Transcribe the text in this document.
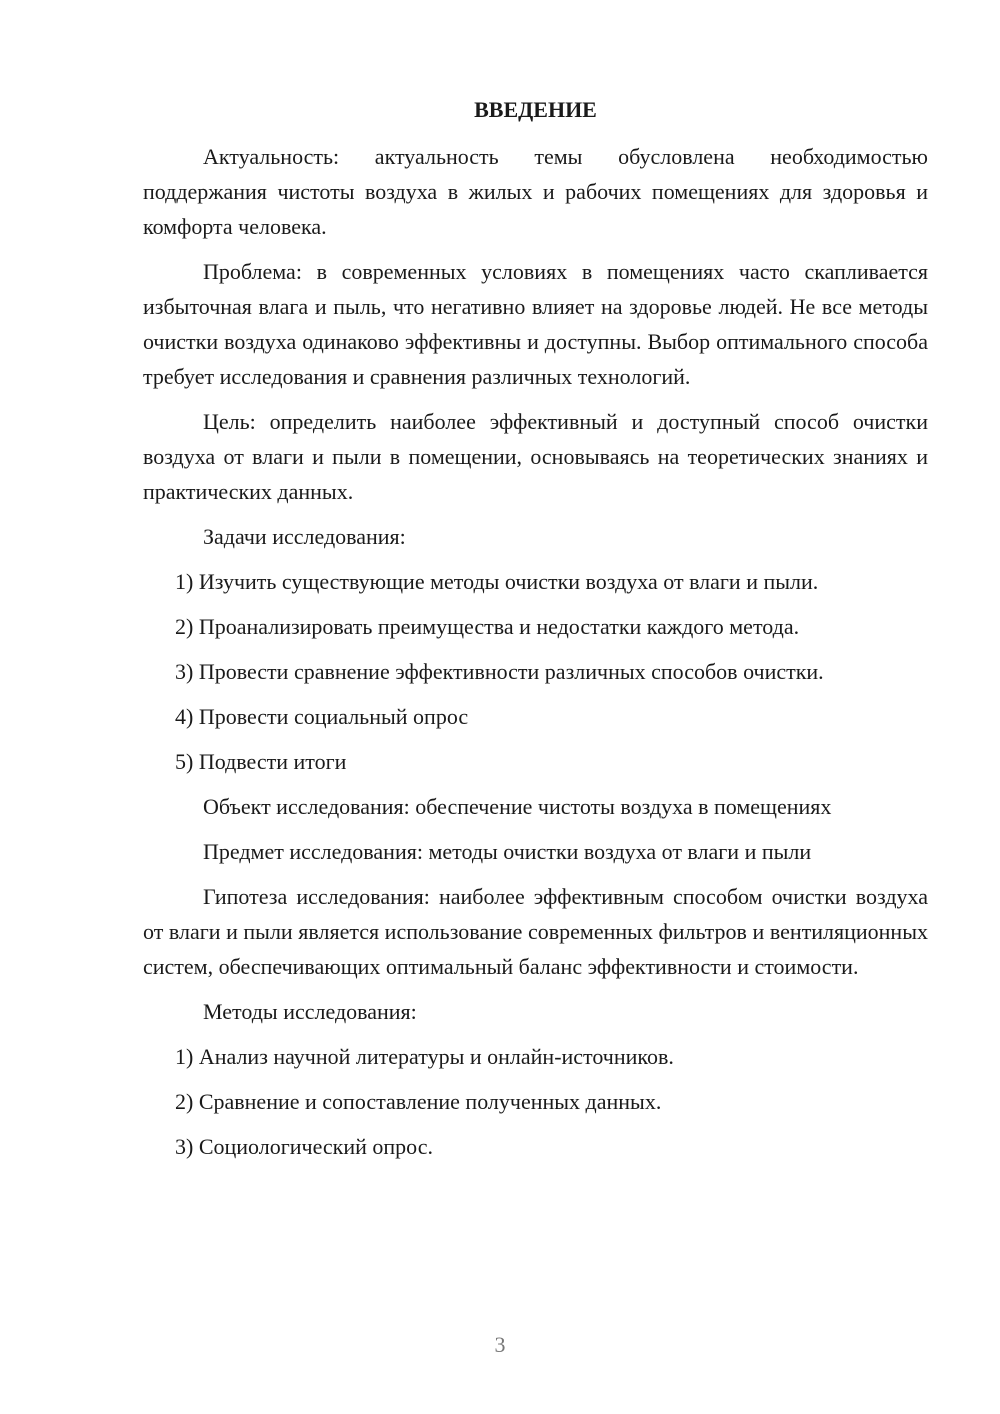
ВВЕДЕНИЕ

Актуальность: актуальность темы обусловлена необходимостью поддержания чистоты воздуха в жилых и рабочих помещениях для здоровья и комфорта человека.

Проблема: в современных условиях в помещениях часто скапливается избыточная влага и пыль, что негативно влияет на здоровье людей. Не все методы очистки воздуха одинаково эффективны и доступны. Выбор оптимального способа требует исследования и сравнения различных технологий.

Цель: определить наиболее эффективный и доступный способ очистки воздуха от влаги и пыли в помещении, основываясь на теоретических знаниях и практических данных.

Задачи исследования:
1) Изучить существующие методы очистки воздуха от влаги и пыли.
2) Проанализировать преимущества и недостатки каждого метода.
3) Провести сравнение эффективности различных способов очистки.
4) Провести социальный опрос
5) Подвести итоги
Объект исследования: обеспечение чистоты воздуха в помещениях
Предмет исследования: методы очистки воздуха от влаги и пыли

Гипотеза исследования: наиболее эффективным способом очистки воздуха от влаги и пыли является использование современных фильтров и вентиляционных систем, обеспечивающих оптимальный баланс эффективности и стоимости.

Методы исследования:
1) Анализ научной литературы и онлайн-источников.
2) Сравнение и сопоставление полученных данных.
3) Социологический опрос.
3
